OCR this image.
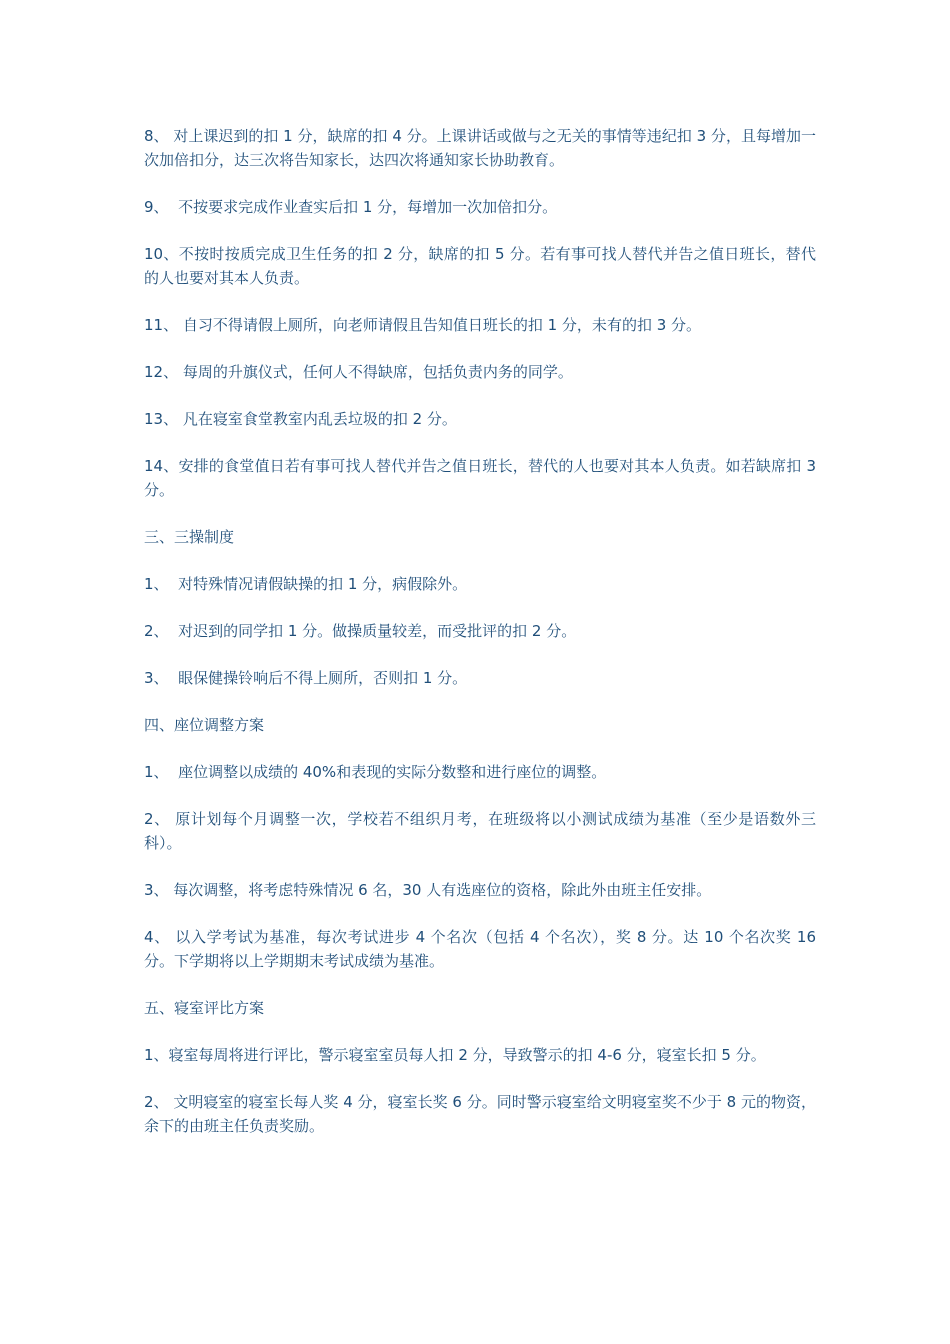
8、 对上课迟到的扣 1 分，缺席的扣 4 分。上课讲话或做与之无关的事情等违纪扣 3 分，且每增加一次加倍扣分，达三次将告知家长，达四次将通知家长协助教育。

9、  不按要求完成作业查实后扣 1 分，每增加一次加倍扣分。

10、不按时按质完成卫生任务的扣 2 分，缺席的扣 5 分。若有事可找人替代并告之值日班长，替代的人也要对其本人负责。

11、 自习不得请假上厕所，向老师请假且告知值日班长的扣 1 分，未有的扣 3 分。

12、 每周的升旗仪式，任何人不得缺席，包括负责内务的同学。

13、 凡在寝室食堂教室内乱丢垃圾的扣 2 分。

14、安排的食堂值日若有事可找人替代并告之值日班长，替代的人也要对其本人负责。如若缺席扣 3 分。

三、三操制度

1、  对特殊情况请假缺操的扣 1 分，病假除外。

2、  对迟到的同学扣 1 分。做操质量较差，而受批评的扣 2 分。

3、  眼保健操铃响后不得上厕所，否则扣 1 分。

四、座位调整方案

1、  座位调整以成绩的 40%和表现的实际分数整和进行座位的调整。

2、 原计划每个月调整一次，学校若不组织月考，在班级将以小测试成绩为基准（至少是语数外三科）。

3、 每次调整，将考虑特殊情况 6 名，30 人有选座位的资格，除此外由班主任安排。

4、 以入学考试为基准，每次考试进步 4 个名次（包括 4 个名次），奖 8 分。达 10 个名次奖 16 分。下学期将以上学期期末考试成绩为基准。

五、寝室评比方案

1、寝室每周将进行评比，警示寝室室员每人扣 2 分，导致警示的扣 4-6 分，寝室长扣 5 分。

2、 文明寝室的寝室长每人奖 4 分，寝室长奖 6 分。同时警示寝室给文明寝室奖不少于 8 元的物资，余下的由班主任负责奖励。
